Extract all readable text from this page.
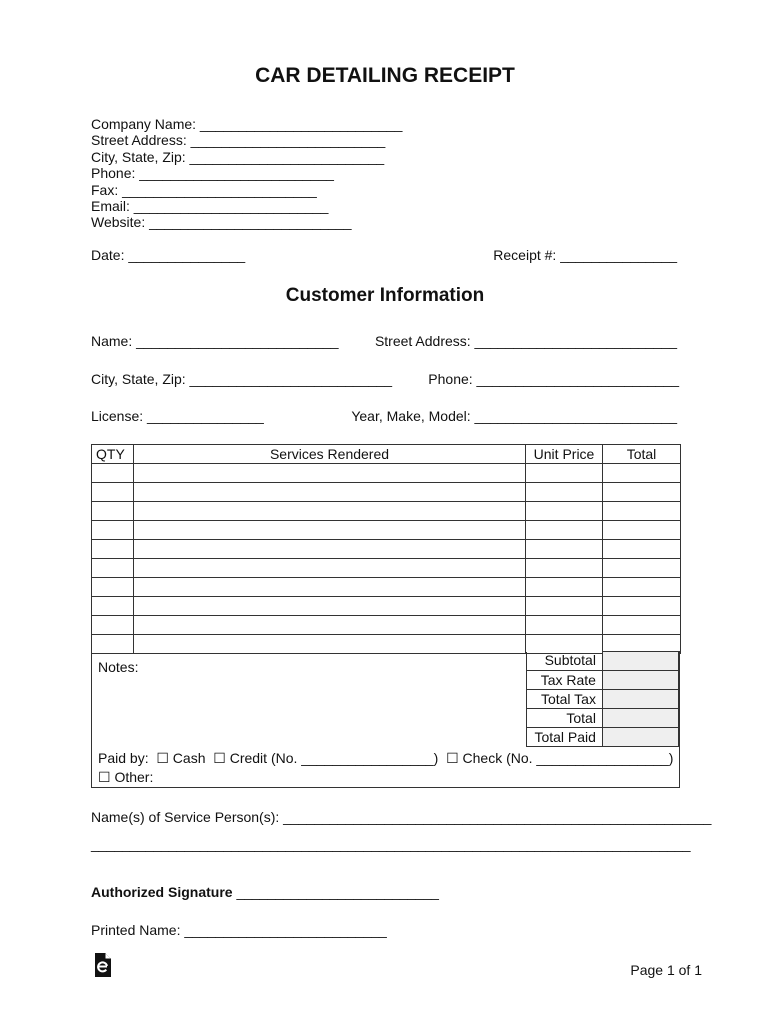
CAR DETAILING RECEIPT
Company Name: __________________________
Street Address: _________________________
City, State, Zip: _________________________
Phone: _________________________
Fax: _________________________
Email: _________________________
Website: __________________________
Date: _______________	Receipt #: _______________
Customer Information
Name: __________________________	Street Address: __________________________
City, State, Zip: __________________________	Phone: __________________________
License: _______________	Year, Make, Model: __________________________
QTY	Services Rendered	Unit Price	Total

Notes:	Subtotal	
Tax Rate	
Total Tax	
Total	
Total Paid	
Paid by:  ☐ Cash  ☐ Credit (No. _________________)  ☐ Check (No. _________________)
☐ Other:
Name(s) of Service Person(s): _______________________________________________________
_____________________________________________________________________________
Authorized Signature __________________________
Printed Name: __________________________
Page 1 of 1
